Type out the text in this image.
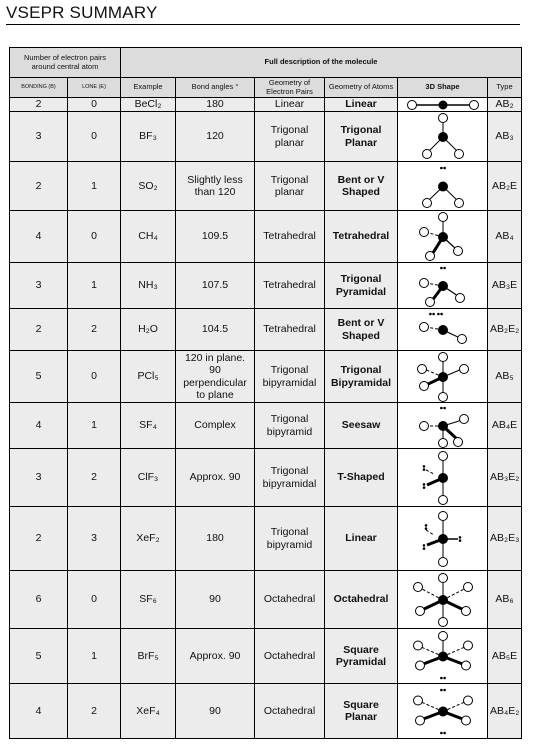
VSEPR SUMMARY
Number of electron pairs around central atom		Full description of the molecule					
BONDING (B)	LONE (E)	Example	Bond angles °	Geometry of Electron Pairs	Geometry of Atoms	3D Shape	Type
2	0	BeCl₂	180	Linear	Linear		AB₂
3	0	BF₃	120	Trigonal planar	Trigonal Planar		AB₃
2	1	SO₂	Slightly less than 120	Trigonal planar	Bent or V Shaped		AB₂E
4	0	CH₄	109.5	Tetrahedral	Tetrahedral		AB₄
3	1	NH₃	107.5	Tetrahedral	Trigonal Pyramidal		AB₃E
2	2	H₂O	104.5	Tetrahedral	Bent or V Shaped		AB₂E₂
5	0	PCl₅	120 in plane. 90 perpendicular to plane	Trigonal bipyramidal	Trigonal Bipyramidal		AB₅
4	1	SF₄	Complex	Trigonal bipyramid	Seesaw		AB₄E
3	2	ClF₃	Approx. 90	Trigonal bipyramidal	T-Shaped		AB₃E₂
2	3	XeF₂	180	Trigonal bipyramid	Linear		AB₂E₃
6	0	SF₆	90	Octahedral	Octahedral		AB₆
5	1	BrF₅	Approx. 90	Octahedral	Square Pyramidal		AB₅E
4	2	XeF₄	90	Octahedral	Square Planar		AB₄E₂
